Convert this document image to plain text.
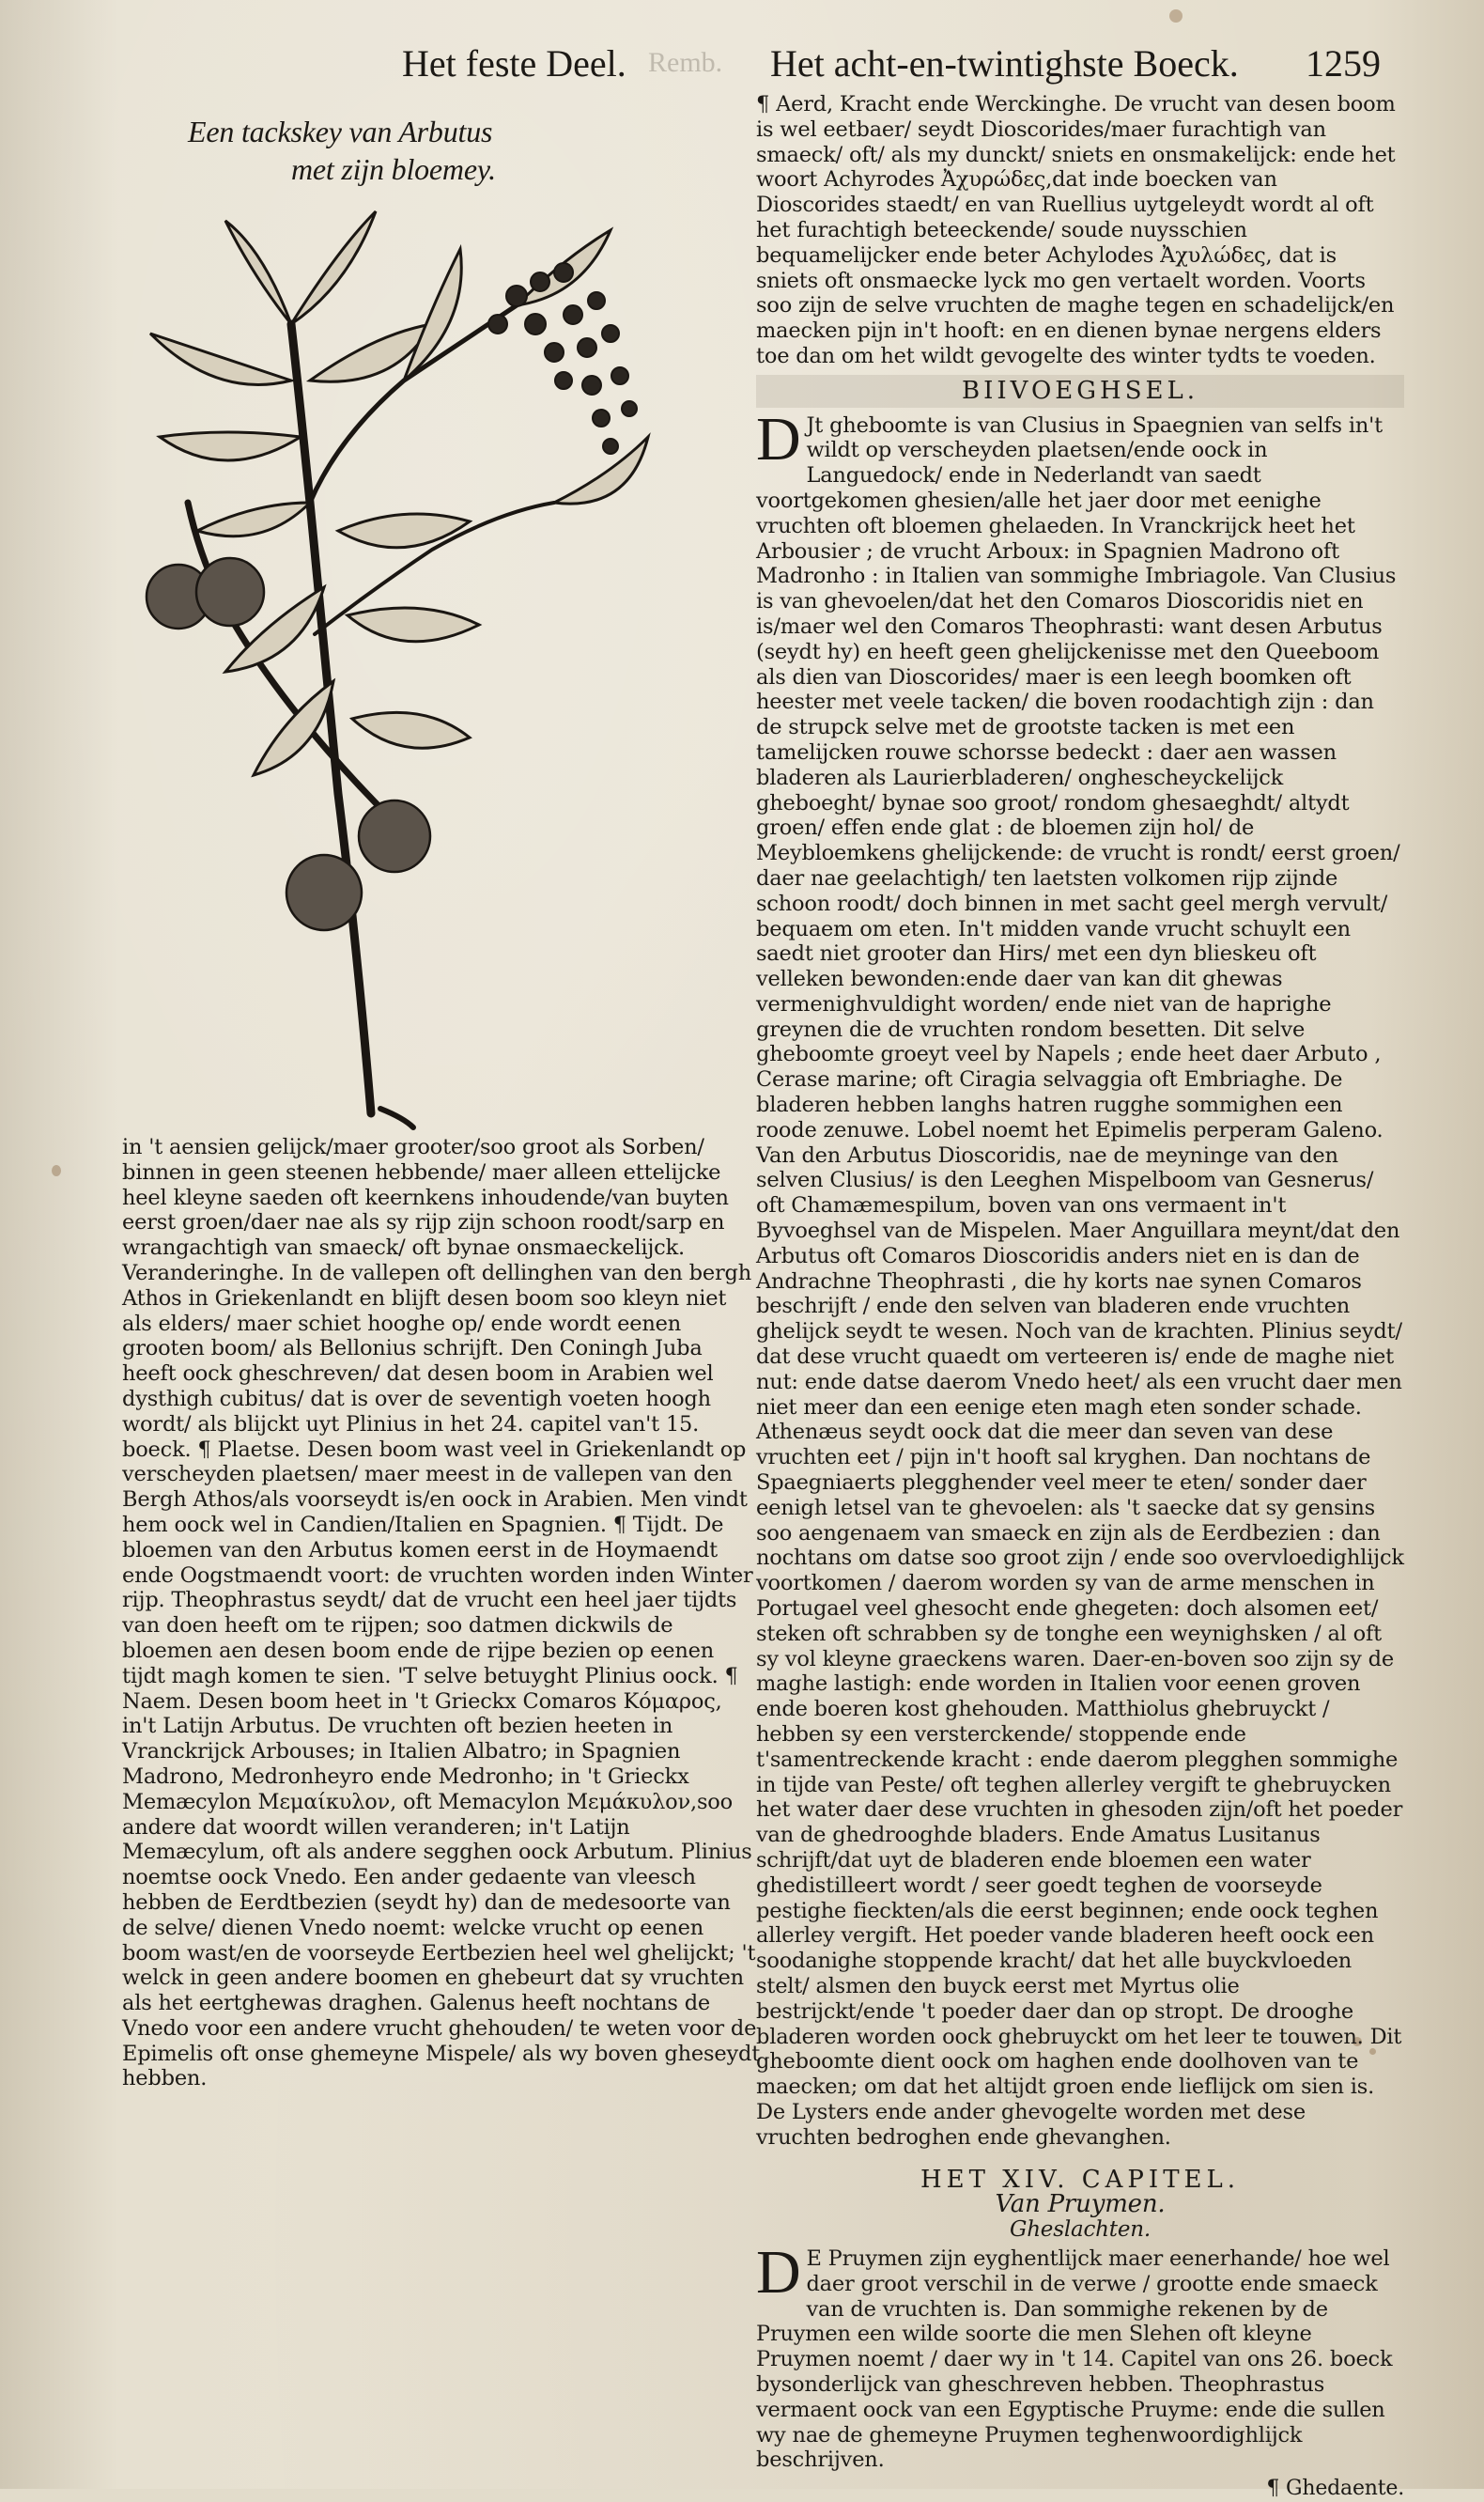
Het feste Deel. Remb. Het acht-en-twintighste Boeck. 1259
Een tackskey van Arbutus
met zijn bloemey.

in 't aensien gelijck/maer grooter/soo groot als Sorben/ binnen in geen steenen hebbende/ maer alleen ettelijcke heel kleyne saeden oft keernkens inhoudende/van buyten eerst groen/daer nae als sy rijp zijn schoon roodt/sarp en wrangachtigh van smaeck/ oft bynae onsmaeckelijck. Veranderinghe. In de vallepen oft dellinghen van den bergh Athos in Griekenlandt en blijft desen boom soo kleyn niet als elders/ maer schiet hooghe op/ ende wordt eenen grooten boom/ als Bellonius schrijft. Den Coningh Juba heeft oock gheschreven/ dat desen boom in Arabien wel dysthigh cubitus/ dat is over de seventigh voeten hoogh wordt/ als blijckt uyt Plinius in het 24. capitel van't 15. boeck. ¶ Plaetse. Desen boom wast veel in Griekenlandt op verscheyden plaetsen/ maer meest in de vallepen van den Bergh Athos/als voorseydt is/en oock in Arabien. Men vindt hem oock wel in Candien/Italien en Spagnien. ¶ Tijdt. De bloemen van den Arbutus komen eerst in de Hoymaendt ende Oogstmaendt voort: de vruchten worden inden Winter rijp. Theophrastus seydt/ dat de vrucht een heel jaer tijdts van doen heeft om te rijpen; soo datmen dickwils de bloemen aen desen boom ende de rijpe bezien op eenen tijdt magh komen te sien. 'T selve betuyght Plinius oock. ¶ Naem. Desen boom heet in 't Grieckx Comaros Κόμαρος, in't Latijn Arbutus. De vruchten oft bezien heeten in Vranckrijck Arbouses; in Italien Albatro; in Spagnien Madrono, Medronheyro ende Medronho; in 't Grieckx Memæcylon Μεμαίκυλον, oft Memacylon Μεμάκυλον,soo andere dat woordt willen veranderen; in't Latijn Memæcylum, oft als andere segghen oock Arbutum. Plinius noemtse oock Vnedo. Een ander gedaente van vleesch hebben de Eerdtbezien (seydt hy) dan de medesoorte van de selve/ dienen Vnedo noemt: welcke vrucht op eenen boom wast/en de voorseyde Eertbezien heel wel ghelijckt; 't welck in geen andere boomen en ghebeurt dat sy vruchten als het eertghewas draghen. Galenus heeft nochtans de Vnedo voor een andere vrucht ghehouden/ te weten voor de Epimelis oft onse ghemeyne Mispele/ als wy boven gheseydt hebben.

¶ Aerd, Kracht ende Werckinghe. De vrucht van desen boom is wel eetbaer/ seydt Dioscorides/maer furachtigh van smaeck/ oft/ als my dunckt/ sniets en onsmakelijck: ende het woort Achyrodes Ἀχυρώδες,dat inde boecken van Dioscorides staedt/ en van Ruellius uytgeleydt wordt al oft het furachtigh beteeckende/ soude nuysschien bequamelijcker ende beter Achylodes Ἀχυλώδες, dat is sniets oft onsmaecke lyck mo gen vertaelt worden. Voorts soo zijn de selve vruchten de maghe tegen en schadelijck/en maecken pijn in't hooft: en en dienen bynae nergens elders toe dan om het wildt gevogelte des winter tydts te voeden.

BIIVOEGHSEL.

D Jt gheboomte is van Clusius in Spaegnien van selfs in't wildt op verscheyden plaetsen/ende oock in Languedock/ ende in Nederlandt van saedt voortgekomen ghesien/alle het jaer door met eenighe vruchten oft bloemen ghelaeden. In Vranckrijck heet het Arbousier ; de vrucht Arboux: in Spagnien Madrono oft Madronho : in Italien van sommighe Imbriagole. Van Clusius is van ghevoelen/dat het den Comaros Dioscoridis niet en is/maer wel den Comaros Theophrasti: want desen Arbutus (seydt hy) en heeft geen ghelijckenisse met den Queeboom als dien van Dioscorides/ maer is een leegh boomken oft heester met veele tacken/ die boven roodachtigh zijn : dan de strupck selve met de grootste tacken is met een tamelijcken rouwe schorsse bedeckt : daer aen wassen bladeren als Laurierbladeren/ onghescheyckelijck gheboeght/ bynae soo groot/ rondom ghesaeghdt/ altydt groen/ effen ende glat : de bloemen zijn hol/ de Meybloemkens ghelijckende: de vrucht is rondt/ eerst groen/ daer nae geelachtigh/ ten laetsten volkomen rijp zijnde schoon roodt/ doch binnen in met sacht geel mergh vervult/ bequaem om eten. In't midden vande vrucht schuylt een saedt niet grooter dan Hirs/ met een dyn blieskeu oft velleken bewonden:ende daer van kan dit ghewas vermenighvuldight worden/ ende niet van de haprighe greynen die de vruchten rondom besetten. Dit selve gheboomte groeyt veel by Napels ; ende heet daer Arbuto , Cerase marine; oft Ciragia selvaggia oft Embriaghe. De bladeren hebben langhs hatren rugghe sommighen een roode zenuwe. Lobel noemt het Epimelis perperam Galeno. Van den Arbutus Dioscoridis, nae de meyninge van den selven Clusius/ is den Leeghen Mispelboom van Gesnerus/ oft Chamæmespilum, boven van ons vermaent in't Byvoeghsel van de Mispelen. Maer Anguillara meynt/dat den Arbutus oft Comaros Dioscoridis anders niet en is dan de Andrachne Theophrasti , die hy korts nae synen Comaros beschrijft / ende den selven van bladeren ende vruchten ghelijck seydt te wesen. Noch van de krachten. Plinius seydt/ dat dese vrucht quaedt om verteeren is/ ende de maghe niet nut: ende datse daerom Vnedo heet/ als een vrucht daer men niet meer dan een eenige eten magh eten sonder schade. Athenæus seydt oock dat die meer dan seven van dese vruchten eet / pijn in't hooft sal kryghen. Dan nochtans de Spaegniaerts plegghender veel meer te eten/ sonder daer eenigh letsel van te ghevoelen: als 't saecke dat sy gensins soo aengenaem van smaeck en zijn als de Eerdbezien : dan nochtans om datse soo groot zijn / ende soo overvloedighlijck voortkomen / daerom worden sy van de arme menschen in Portugael veel ghesocht ende ghegeten: doch alsomen eet/ steken oft schrabben sy de tonghe een weynighsken / al oft sy vol kleyne graeckens waren. Daer-en-boven soo zijn sy de maghe lastigh: ende worden in Italien voor eenen groven ende boeren kost ghehouden. Matthiolus ghebruyckt / hebben sy een versterckende/ stoppende ende t'samentreckende kracht : ende daerom plegghen sommighe in tijde van Peste/ oft teghen allerley vergift te ghebruycken het water daer dese vruchten in ghesoden zijn/oft het poeder van de ghedrooghde bladers. Ende Amatus Lusitanus schrijft/dat uyt de bladeren ende bloemen een water ghedistilleert wordt / seer goedt teghen de voorseyde pestighe fieckten/als die eerst beginnen; ende oock teghen allerley vergift. Het poeder vande bladeren heeft oock een soodanighe stoppende kracht/ dat het alle buyckvloeden stelt/ alsmen den buyck eerst met Myrtus olie bestrijckt/ende 't poeder daer dan op stropt. De drooghe bladeren worden oock ghebruyckt om het leer te touwen. Dit gheboomte dient oock om haghen ende doolhoven van te maecken; om dat het altijdt groen ende lieflijck om sien is. De Lysters ende ander ghevogelte worden met dese vruchten bedroghen ende ghevanghen.

HET XIV. CAPITEL.
Van Pruymen.
Gheslachten.

D E Pruymen zijn eyghentlijck maer eenerhande/ hoe wel daer groot verschil in de verwe / grootte ende smaeck van de vruchten is. Dan sommighe rekenen by de Pruymen een wilde soorte die men Slehen oft kleyne Pruymen noemt / daer wy in 't 14. Capitel van ons 26. boeck bysonderlijck van gheschreven hebben. Theophrastus vermaent oock van een Egyptische Pruyme: ende die sullen wy nae de ghemeyne Pruymen teghenwoordighlijck beschrijven.

¶ Ghedaente.
